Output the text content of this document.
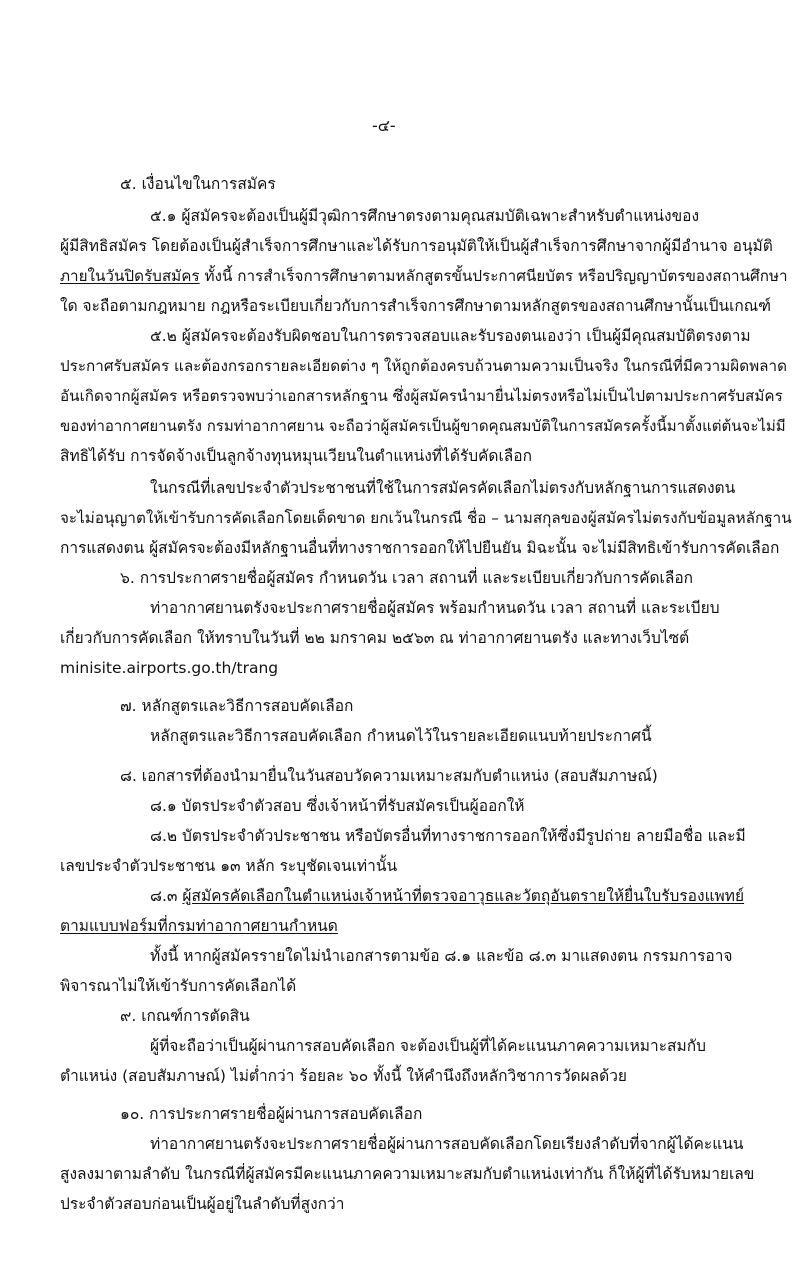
-๔-
๕. เงื่อนไขในการสมัคร
๕.๑ ผู้สมัครจะต้องเป็นผู้มีวุฒิการศึกษาตรงตามคุณสมบัติเฉพาะสำหรับตำแหน่งของ
ผู้มีสิทธิสมัคร โดยต้องเป็นผู้สำเร็จการศึกษาและได้รับการอนุมัติให้เป็นผู้สำเร็จการศึกษาจากผู้มีอำนาจ อนุมัติ
ภายในวันปิดรับสมัคร ทั้งนี้ การสำเร็จการศึกษาตามหลักสูตรขั้นประกาศนียบัตร หรือปริญญาบัตรของสถานศึกษา
ใด จะถือตามกฎหมาย กฎหรือระเบียบเกี่ยวกับการสำเร็จการศึกษาตามหลักสูตรของสถานศึกษานั้นเป็นเกณฑ์
๕.๒ ผู้สมัครจะต้องรับผิดชอบในการตรวจสอบและรับรองตนเองว่า เป็นผู้มีคุณสมบัติตรงตาม
ประกาศรับสมัคร และต้องกรอกรายละเอียดต่าง ๆ ให้ถูกต้องครบถ้วนตามความเป็นจริง ในกรณีที่มีความผิดพลาด
อันเกิดจากผู้สมัคร หรือตรวจพบว่าเอกสารหลักฐาน ซึ่งผู้สมัครนำมายื่นไม่ตรงหรือไม่เป็นไปตามประกาศรับสมัคร
ของท่าอากาศยานตรัง กรมท่าอากาศยาน จะถือว่าผู้สมัครเป็นผู้ขาดคุณสมบัติในการสมัครครั้งนี้มาตั้งแต่ต้นจะไม่มี
สิทธิได้รับ การจัดจ้างเป็นลูกจ้างทุนหมุนเวียนในตำแหน่งที่ได้รับคัดเลือก
ในกรณีที่เลขประจำตัวประชาชนที่ใช้ในการสมัครคัดเลือกไม่ตรงกับหลักฐานการแสดงตน
จะไม่อนุญาตให้เข้ารับการคัดเลือกโดยเด็ดขาด ยกเว้นในกรณี ชื่อ – นามสกุลของผู้สมัครไม่ตรงกับข้อมูลหลักฐาน
การแสดงตน ผู้สมัครจะต้องมีหลักฐานอื่นที่ทางราชการออกให้ไปยืนยัน มิฉะนั้น จะไม่มีสิทธิเข้ารับการคัดเลือก
๖. การประกาศรายชื่อผู้สมัคร กำหนดวัน เวลา สถานที่ และระเบียบเกี่ยวกับการคัดเลือก
ท่าอากาศยานตรังจะประกาศรายชื่อผู้สมัคร พร้อมกำหนดวัน เวลา สถานที่ และระเบียบ
เกี่ยวกับการคัดเลือก ให้ทราบในวันที่ ๒๒ มกราคม ๒๕๖๓ ณ ท่าอากาศยานตรัง และทางเว็บไซต์
minisite.airports.go.th/trang
๗. หลักสูตรและวิธีการสอบคัดเลือก
หลักสูตรและวิธีการสอบคัดเลือก กำหนดไว้ในรายละเอียดแนบท้ายประกาศนี้
๘. เอกสารที่ต้องนำมายื่นในวันสอบวัดความเหมาะสมกับตำแหน่ง (สอบสัมภาษณ์)
๘.๑ บัตรประจำตัวสอบ ซึ่งเจ้าหน้าที่รับสมัครเป็นผู้ออกให้
๘.๒ บัตรประจำตัวประชาชน หรือบัตรอื่นที่ทางราชการออกให้ซึ่งมีรูปถ่าย ลายมือชื่อ และมี
เลขประจำตัวประชาชน ๑๓ หลัก ระบุชัดเจนเท่านั้น
๘.๓ ผู้สมัครคัดเลือกในตำแหน่งเจ้าหน้าที่ตรวจอาวุธและวัตถุอันตรายให้ยื่นใบรับรองแพทย์
ตามแบบฟอร์มที่กรมท่าอากาศยานกำหนด
ทั้งนี้ หากผู้สมัครรายใดไม่นำเอกสารตามข้อ ๘.๑ และข้อ ๘.๓ มาแสดงตน กรรมการอาจ
พิจารณาไม่ให้เข้ารับการคัดเลือกได้
๙. เกณฑ์การตัดสิน
ผู้ที่จะถือว่าเป็นผู้ผ่านการสอบคัดเลือก จะต้องเป็นผู้ที่ได้คะแนนภาคความเหมาะสมกับ
ตำแหน่ง (สอบสัมภาษณ์) ไม่ต่ำกว่า ร้อยละ ๖๐ ทั้งนี้ ให้คำนึงถึงหลักวิชาการวัดผลด้วย
๑๐. การประกาศรายชื่อผู้ผ่านการสอบคัดเลือก
ท่าอากาศยานตรังจะประกาศรายชื่อผู้ผ่านการสอบคัดเลือกโดยเรียงลำดับที่จากผู้ได้คะแนน
สูงลงมาตามลำดับ ในกรณีที่ผู้สมัครมีคะแนนภาคความเหมาะสมกับตำแหน่งเท่ากัน ก็ให้ผู้ที่ได้รับหมายเลข
ประจำตัวสอบก่อนเป็นผู้อยู่ในลำดับที่สูงกว่า
